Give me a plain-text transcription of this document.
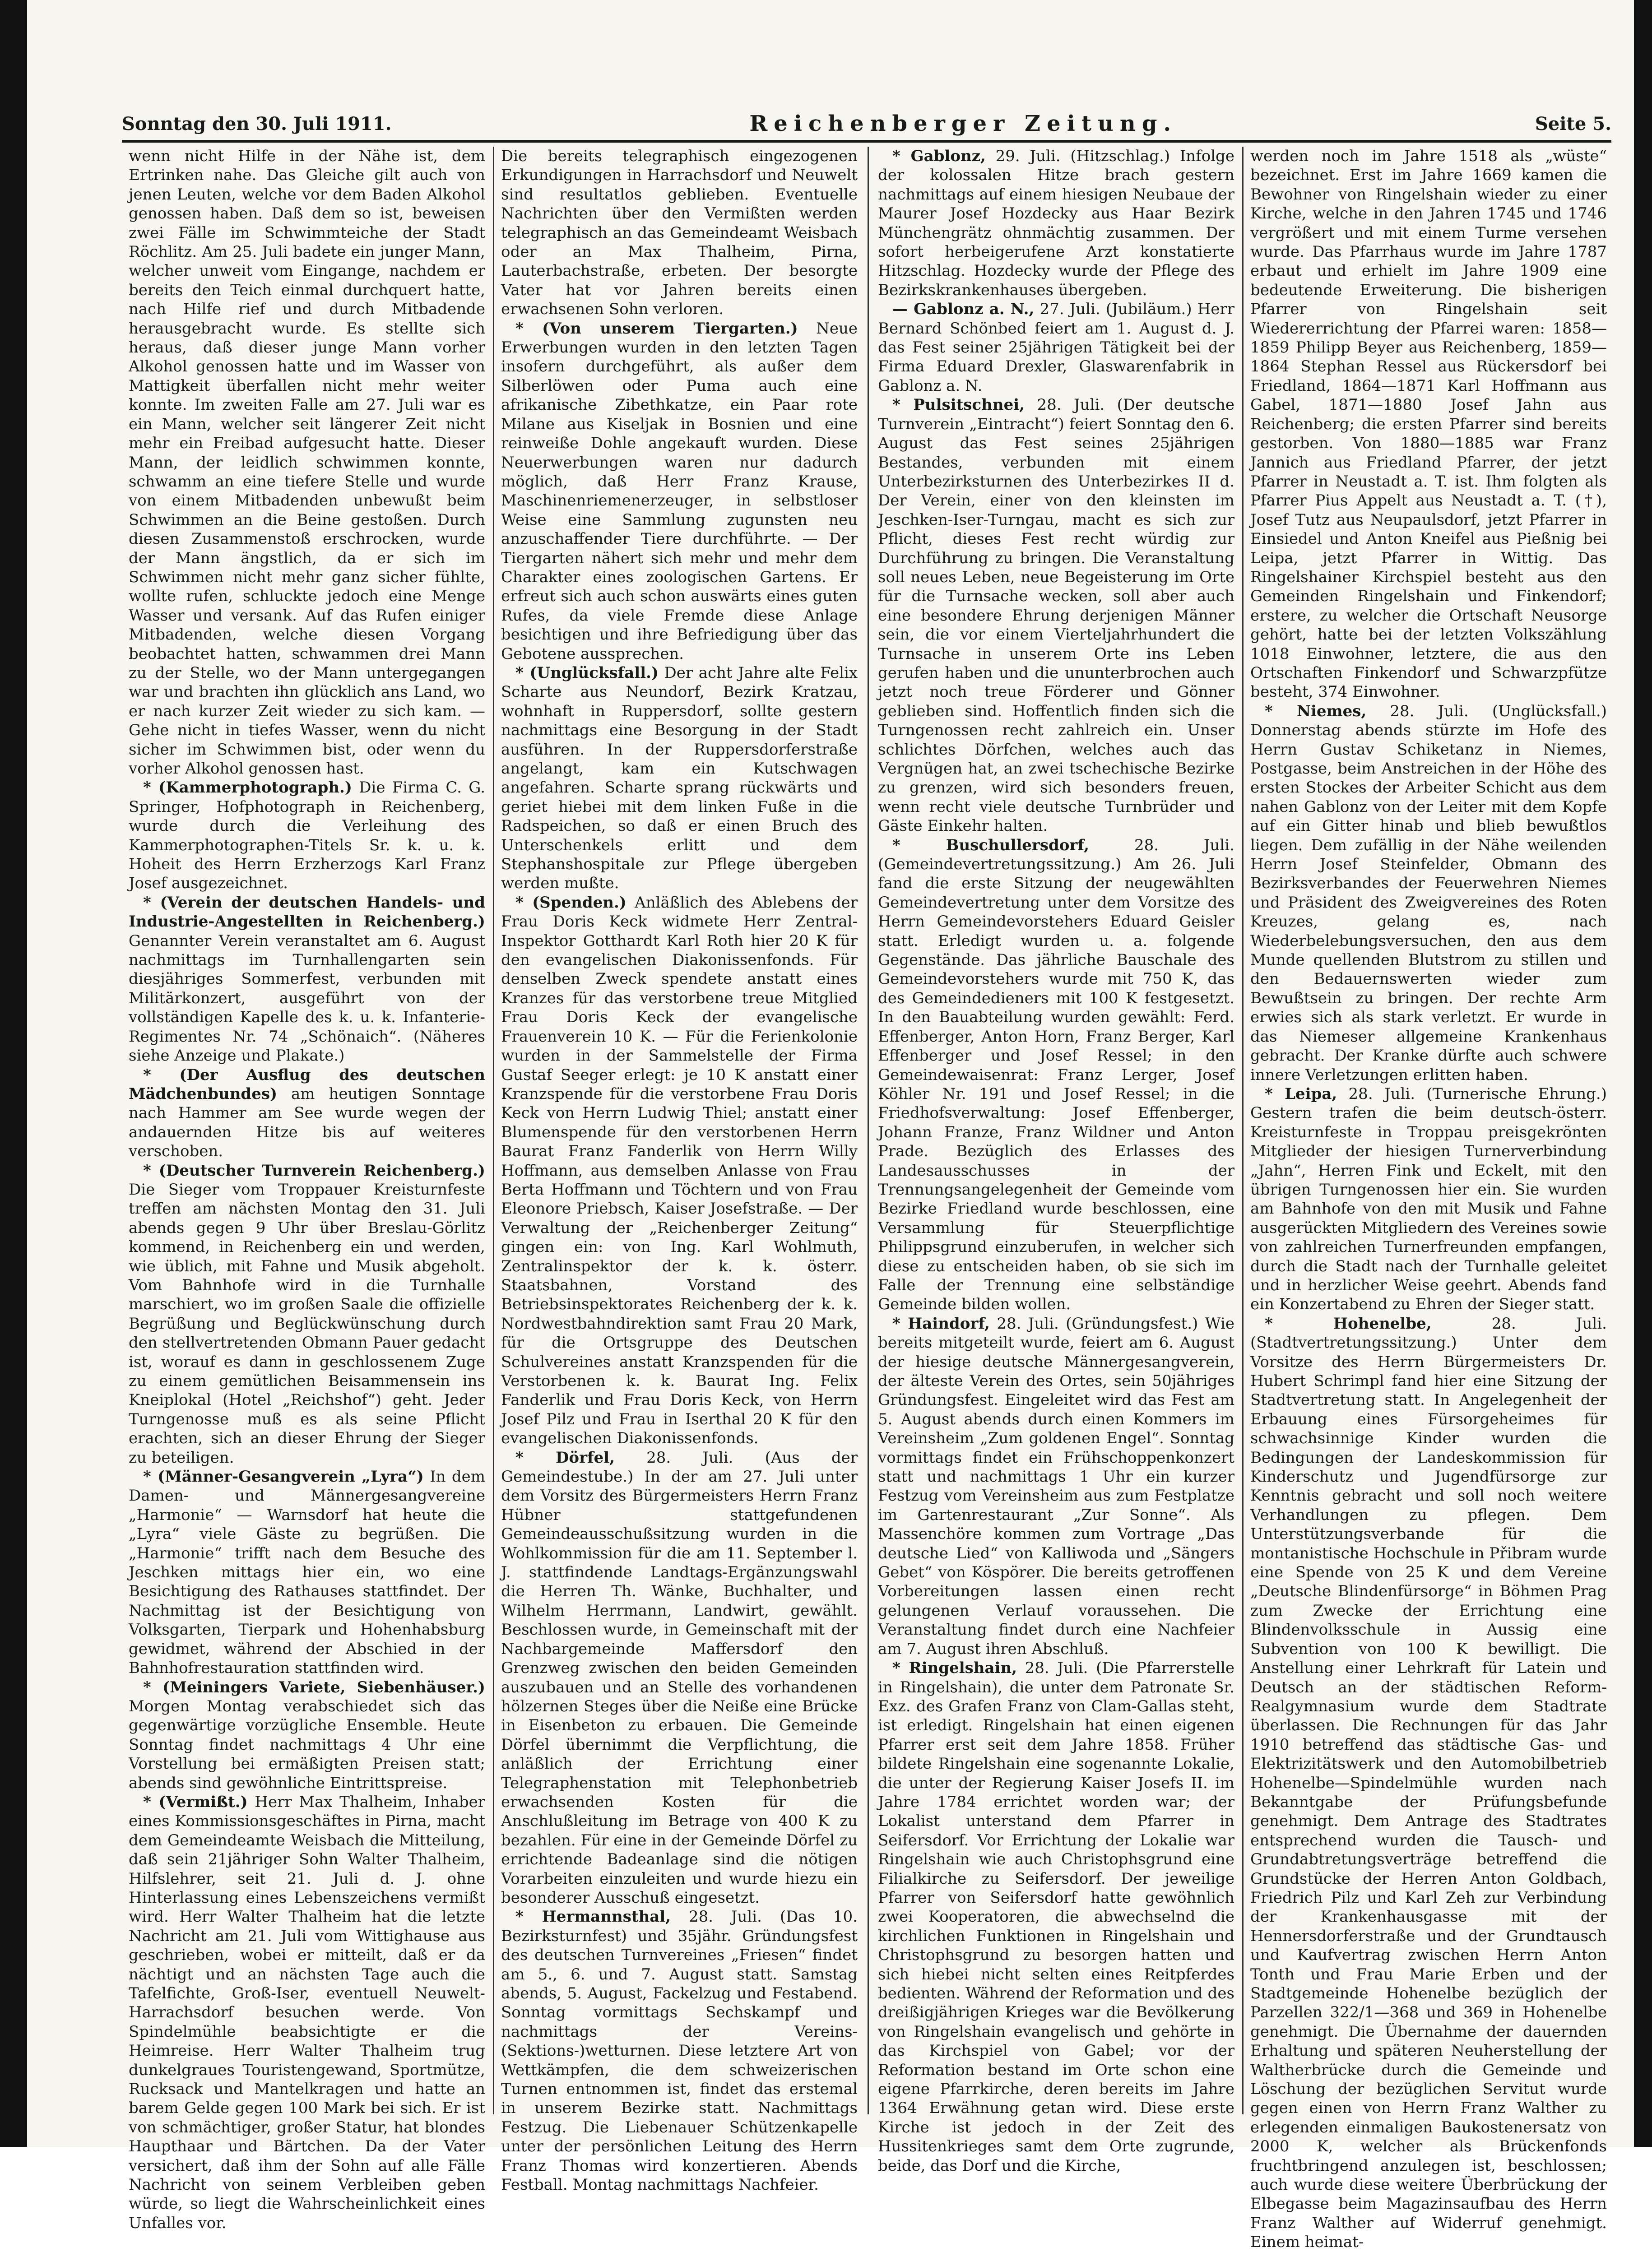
Sonntag den 30. Juli 1911.	Reichenberger Zeitung.	Seite 5.

wenn nicht Hilfe in der Nähe ist, dem Ertrinken nahe. Das Gleiche gilt auch von jenen Leuten, welche vor dem Baden Alkohol genossen haben. Daß dem so ist, beweisen zwei Fälle im Schwimmteiche der Stadt Röchlitz. Am 25. Juli badete ein junger Mann, welcher unweit vom Eingange, nachdem er bereits den Teich einmal durchquert hatte, nach Hilfe rief und durch Mitbadende herausgebracht wurde. Es stellte sich heraus, daß dieser junge Mann vorher Alkohol genossen hatte und im Wasser von Mattigkeit überfallen nicht mehr weiter konnte. Im zweiten Falle am 27. Juli war es ein Mann, welcher seit längerer Zeit nicht mehr ein Freibad aufgesucht hatte. Dieser Mann, der leidlich schwimmen konnte, schwamm an eine tiefere Stelle und wurde von einem Mitbadenden unbewußt beim Schwimmen an die Beine gestoßen. Durch diesen Zusammenstoß erschrocken, wurde der Mann ängstlich, da er sich im Schwimmen nicht mehr ganz sicher fühlte, wollte rufen, schluckte jedoch eine Menge Wasser und versank. Auf das Rufen einiger Mitbadenden, welche diesen Vorgang beobachtet hatten, schwammen drei Mann zu der Stelle, wo der Mann untergegangen war und brachten ihn glücklich ans Land, wo er nach kurzer Zeit wieder zu sich kam. — Gehe nicht in tiefes Wasser, wenn du nicht sicher im Schwimmen bist, oder wenn du vorher Alkohol genossen hast.

* (Kammerphotograph.) Die Firma C. G. Springer, Hofphotograph in Reichenberg, wurde durch die Verleihung des Kammerphotographen-Titels Sr. k. u. k. Hoheit des Herrn Erzherzogs Karl Franz Josef ausgezeichnet.

* (Verein der deutschen Handels- und Industrie-Angestellten in Reichenberg.) Genannter Verein veranstaltet am 6. August nachmittags im Turnhallengarten sein diesjähriges Sommerfest, verbunden mit Militärkonzert, ausgeführt von der vollständigen Kapelle des k. u. k. Infanterie-Regimentes Nr. 74 „Schönaich“. (Näheres siehe Anzeige und Plakate.)

* (Der Ausflug des deutschen Mädchenbundes) am heutigen Sonntage nach Hammer am See wurde wegen der andauernden Hitze bis auf weiteres verschoben.

* (Deutscher Turnverein Reichenberg.) Die Sieger vom Troppauer Kreisturnfeste treffen am nächsten Montag den 31. Juli abends gegen 9 Uhr über Breslau-Görlitz kommend, in Reichenberg ein und werden, wie üblich, mit Fahne und Musik abgeholt. Vom Bahnhofe wird in die Turnhalle marschiert, wo im großen Saale die offizielle Begrüßung und Beglückwünschung durch den stellvertretenden Obmann Pauer gedacht ist, worauf es dann in geschlossenem Zuge zu einem gemütlichen Beisammensein ins Kneiplokal (Hotel „Reichshof“) geht. Jeder Turngenosse muß es als seine Pflicht erachten, sich an dieser Ehrung der Sieger zu beteiligen.

* (Männer-Gesangverein „Lyra“) In dem Damen- und Männergesangvereine „Harmonie“ — Warnsdorf hat heute die „Lyra“ viele Gäste zu begrüßen. Die „Harmonie“ trifft nach dem Besuche des Jeschken mittags hier ein, wo eine Besichtigung des Rathauses stattfindet. Der Nachmittag ist der Besichtigung von Volksgarten, Tierpark und Hohenhabsburg gewidmet, während der Abschied in der Bahnhofrestauration stattfinden wird.

* (Meiningers Variete, Siebenhäuser.) Morgen Montag verabschiedet sich das gegenwärtige vorzügliche Ensemble. Heute Sonntag findet nachmittags 4 Uhr eine Vorstellung bei ermäßigten Preisen statt; abends sind gewöhnliche Eintrittspreise.

* (Vermißt.) Herr Max Thalheim, Inhaber eines Kommissionsgeschäftes in Pirna, macht dem Gemeindeamte Weisbach die Mitteilung, daß sein 21jähriger Sohn Walter Thalheim, Hilfslehrer, seit 21. Juli d. J. ohne Hinterlassung eines Lebenszeichens vermißt wird. Herr Walter Thalheim hat die letzte Nachricht am 21. Juli vom Wittighause aus geschrieben, wobei er mitteilt, daß er da nächtigt und an nächsten Tage auch die Tafelfichte, Groß-Iser, eventuell Neuwelt-Harrachsdorf besuchen werde. Von Spindelmühle beabsichtigte er die Heimreise. Herr Walter Thalheim trug dunkelgraues Touristengewand, Sportmütze, Rucksack und Mantelkragen und hatte an barem Gelde gegen 100 Mark bei sich. Er ist von schmächtiger, großer Statur, hat blondes Haupthaar und Bärtchen. Da der Vater versichert, daß ihm der Sohn auf alle Fälle Nachricht von seinem Verbleiben geben würde, so liegt die Wahrscheinlichkeit eines Unfalles vor.

Die bereits telegraphisch eingezogenen Erkundigungen in Harrachsdorf und Neuwelt sind resultatlos geblieben. Eventuelle Nachrichten über den Vermißten werden telegraphisch an das Gemeindeamt Weisbach oder an Max Thalheim, Pirna, Lauterbachstraße, erbeten. Der besorgte Vater hat vor Jahren bereits einen erwachsenen Sohn verloren.

* (Von unserem Tiergarten.) Neue Erwerbungen wurden in den letzten Tagen insofern durchgeführt, als außer dem Silberlöwen oder Puma auch eine afrikanische Zibethkatze, ein Paar rote Milane aus Kiseljak in Bosnien und eine reinweiße Dohle angekauft wurden. Diese Neuerwerbungen waren nur dadurch möglich, daß Herr Franz Krause, Maschinenriemenerzeuger, in selbstloser Weise eine Sammlung zugunsten neu anzuschaffender Tiere durchführte. — Der Tiergarten nähert sich mehr und mehr dem Charakter eines zoologischen Gartens. Er erfreut sich auch schon auswärts eines guten Rufes, da viele Fremde diese Anlage besichtigen und ihre Befriedigung über das Gebotene aussprechen.

* (Unglücksfall.) Der acht Jahre alte Felix Scharte aus Neundorf, Bezirk Kratzau, wohnhaft in Ruppersdorf, sollte gestern nachmittags eine Besorgung in der Stadt ausführen. In der Ruppersdorferstraße angelangt, kam ein Kutschwagen angefahren. Scharte sprang rückwärts und geriet hiebei mit dem linken Fuße in die Radspeichen, so daß er einen Bruch des Unterschenkels erlitt und dem Stephanshospitale zur Pflege übergeben werden mußte.

* (Spenden.) Anläßlich des Ablebens der Frau Doris Keck widmete Herr Zentral-Inspektor Gotthardt Karl Roth hier 20 K für den evangelischen Diakonissenfonds. Für denselben Zweck spendete anstatt eines Kranzes für das verstorbene treue Mitglied Frau Doris Keck der evangelische Frauenverein 10 K. — Für die Ferienkolonie wurden in der Sammelstelle der Firma Gustaf Seeger erlegt: je 10 K anstatt einer Kranzspende für die verstorbene Frau Doris Keck von Herrn Ludwig Thiel; anstatt einer Blumenspende für den verstorbenen Herrn Baurat Franz Fanderlik von Herrn Willy Hoffmann, aus demselben Anlasse von Frau Berta Hoffmann und Töchtern und von Frau Eleonore Priebsch, Kaiser Josefstraße. — Der Verwaltung der „Reichenberger Zeitung“ gingen ein: von Ing. Karl Wohlmuth, Zentralinspektor der k. k. österr. Staatsbahnen, Vorstand des Betriebsinspektorates Reichenberg der k. k. Nordwestbahndirektion samt Frau 20 Mark, für die Ortsgruppe des Deutschen Schulvereines anstatt Kranzspenden für die Verstorbenen k. k. Baurat Ing. Felix Fanderlik und Frau Doris Keck, von Herrn Josef Pilz und Frau in Iserthal 20 K für den evangelischen Diakonissenfonds.

* Dörfel, 28. Juli. (Aus der Gemeindestube.) In der am 27. Juli unter dem Vorsitz des Bürgermeisters Herrn Franz Hübner stattgefundenen Gemeindeausschußsitzung wurden in die Wohlkommission für die am 11. September l. J. stattfindende Landtags-Ergänzungswahl die Herren Th. Wänke, Buchhalter, und Wilhelm Herrmann, Landwirt, gewählt. Beschlossen wurde, in Gemeinschaft mit der Nachbargemeinde Maffersdorf den Grenzweg zwischen den beiden Gemeinden auszubauen und an Stelle des vorhandenen hölzernen Steges über die Neiße eine Brücke in Eisenbeton zu erbauen. Die Gemeinde Dörfel übernimmt die Verpflichtung, die anläßlich der Errichtung einer Telegraphenstation mit Telephonbetrieb erwachsenden Kosten für die Anschlußleitung im Betrage von 400 K zu bezahlen. Für eine in der Gemeinde Dörfel zu errichtende Badeanlage sind die nötigen Vorarbeiten einzuleiten und wurde hiezu ein besonderer Ausschuß eingesetzt.

* Hermannsthal, 28. Juli. (Das 10. Bezirksturnfest) und 35jähr. Gründungsfest des deutschen Turnvereines „Friesen“ findet am 5., 6. und 7. August statt. Samstag abends, 5. August, Fackelzug und Festabend. Sonntag vormittags Sechskampf und nachmittags der Vereins-(Sektions-)wetturnen. Diese letztere Art von Wettkämpfen, die dem schweizerischen Turnen entnommen ist, findet das erstemal in unserem Bezirke statt. Nachmittags Festzug. Die Liebenauer Schützenkapelle unter der persönlichen Leitung des Herrn Franz Thomas wird konzertieren. Abends Festball. Montag nachmittags Nachfeier.

* Gablonz, 29. Juli. (Hitzschlag.) Infolge der kolossalen Hitze brach gestern nachmittags auf einem hiesigen Neubaue der Maurer Josef Hozdecky aus Haar Bezirk Münchengrätz ohnmächtig zusammen. Der sofort herbeigerufene Arzt konstatierte Hitzschlag. Hozdecky wurde der Pflege des Bezirkskrankenhauses übergeben.

— Gablonz a. N., 27. Juli. (Jubiläum.) Herr Bernard Schönbed feiert am 1. August d. J. das Fest seiner 25jährigen Tätigkeit bei der Firma Eduard Drexler, Glaswarenfabrik in Gablonz a. N.

* Pulsitschnei, 28. Juli. (Der deutsche Turnverein „Eintracht“) feiert Sonntag den 6. August das Fest seines 25jährigen Bestandes, verbunden mit einem Unterbezirksturnen des Unterbezirkes II d. Der Verein, einer von den kleinsten im Jeschken-Iser-Turngau, macht es sich zur Pflicht, dieses Fest recht würdig zur Durchführung zu bringen. Die Veranstaltung soll neues Leben, neue Begeisterung im Orte für die Turnsache wecken, soll aber auch eine besondere Ehrung derjenigen Männer sein, die vor einem Vierteljahrhundert die Turnsache in unserem Orte ins Leben gerufen haben und die ununterbrochen auch jetzt noch treue Förderer und Gönner geblieben sind. Hoffentlich finden sich die Turngenossen recht zahlreich ein. Unser schlichtes Dörfchen, welches auch das Vergnügen hat, an zwei tschechische Bezirke zu grenzen, wird sich besonders freuen, wenn recht viele deutsche Turnbrüder und Gäste Einkehr halten.

* Buschullersdorf, 28. Juli. (Gemeindevertretungssitzung.) Am 26. Juli fand die erste Sitzung der neugewählten Gemeindevertretung unter dem Vorsitze des Herrn Gemeindevorstehers Eduard Geisler statt. Erledigt wurden u. a. folgende Gegenstände. Das jährliche Bauschale des Gemeindevorstehers wurde mit 750 K, das des Gemeindedieners mit 100 K festgesetzt. In den Bauabteilung wurden gewählt: Ferd. Effenberger, Anton Horn, Franz Berger, Karl Effenberger und Josef Ressel; in den Gemeindewaisenrat: Franz Lerger, Josef Köhler Nr. 191 und Josef Ressel; in die Friedhofsverwaltung: Josef Effenberger, Johann Franze, Franz Wildner und Anton Prade. Bezüglich des Erlasses des Landesausschusses in der Trennungsangelegenheit der Gemeinde vom Bezirke Friedland wurde beschlossen, eine Versammlung für Steuerpflichtige Philippsgrund einzuberufen, in welcher sich diese zu entscheiden haben, ob sie sich im Falle der Trennung eine selbständige Gemeinde bilden wollen.

* Haindorf, 28. Juli. (Gründungsfest.) Wie bereits mitgeteilt wurde, feiert am 6. August der hiesige deutsche Männergesangverein, der älteste Verein des Ortes, sein 50jähriges Gründungsfest. Eingeleitet wird das Fest am 5. August abends durch einen Kommers im Vereinsheim „Zum goldenen Engel“. Sonntag vormittags findet ein Frühschoppenkonzert statt und nachmittags 1 Uhr ein kurzer Festzug vom Vereinsheim aus zum Festplatze im Gartenrestaurant „Zur Sonne“. Als Massenchöre kommen zum Vortrage „Das deutsche Lied“ von Kalliwoda und „Sängers Gebet“ von Köspörer. Die bereits getroffenen Vorbereitungen lassen einen recht gelungenen Verlauf voraussehen. Die Veranstaltung findet durch eine Nachfeier am 7. August ihren Abschluß.

* Ringelshain, 28. Juli. (Die Pfarrerstelle in Ringelshain), die unter dem Patronate Sr. Exz. des Grafen Franz von Clam-Gallas steht, ist erledigt. Ringelshain hat einen eigenen Pfarrer erst seit dem Jahre 1858. Früher bildete Ringelshain eine sogenannte Lokalie, die unter der Regierung Kaiser Josefs II. im Jahre 1784 errichtet worden war; der Lokalist unterstand dem Pfarrer in Seifersdorf. Vor Errichtung der Lokalie war Ringelshain wie auch Christophsgrund eine Filialkirche zu Seifersdorf. Der jeweilige Pfarrer von Seifersdorf hatte gewöhnlich zwei Kooperatoren, die abwechselnd die kirchlichen Funktionen in Ringelshain und Christophsgrund zu besorgen hatten und sich hiebei nicht selten eines Reitpferdes bedienten. Während der Reformation und des dreißigjährigen Krieges war die Bevölkerung von Ringelshain evangelisch und gehörte in das Kirchspiel von Gabel; vor der Reformation bestand im Orte schon eine eigene Pfarrkirche, deren bereits im Jahre 1364 Erwähnung getan wird. Diese erste Kirche ist jedoch in der Zeit des Hussitenkrieges samt dem Orte zugrunde, beide, das Dorf und die Kirche,

werden noch im Jahre 1518 als „wüste“ bezeichnet. Erst im Jahre 1669 kamen die Bewohner von Ringelshain wieder zu einer Kirche, welche in den Jahren 1745 und 1746 vergrößert und mit einem Turme versehen wurde. Das Pfarrhaus wurde im Jahre 1787 erbaut und erhielt im Jahre 1909 eine bedeutende Erweiterung. Die bisherigen Pfarrer von Ringelshain seit Wiedererrichtung der Pfarrei waren: 1858—1859 Philipp Beyer aus Reichenberg, 1859—1864 Stephan Ressel aus Rückersdorf bei Friedland, 1864—1871 Karl Hoffmann aus Gabel, 1871—1880 Josef Jahn aus Reichenberg; die ersten Pfarrer sind bereits gestorben. Von 1880—1885 war Franz Jannich aus Friedland Pfarrer, der jetzt Pfarrer in Neustadt a. T. ist. Ihm folgten als Pfarrer Pius Appelt aus Neustadt a. T. (†), Josef Tutz aus Neupaulsdorf, jetzt Pfarrer in Einsiedel und Anton Kneifel aus Pießnig bei Leipa, jetzt Pfarrer in Wittig. Das Ringelshainer Kirchspiel besteht aus den Gemeinden Ringelshain und Finkendorf; erstere, zu welcher die Ortschaft Neusorge gehört, hatte bei der letzten Volkszählung 1018 Einwohner, letztere, die aus den Ortschaften Finkendorf und Schwarzpfütze besteht, 374 Einwohner.

* Niemes, 28. Juli. (Unglücksfall.) Donnerstag abends stürzte im Hofe des Herrn Gustav Schiketanz in Niemes, Postgasse, beim Anstreichen in der Höhe des ersten Stockes der Arbeiter Schicht aus dem nahen Gablonz von der Leiter mit dem Kopfe auf ein Gitter hinab und blieb bewußtlos liegen. Dem zufällig in der Nähe weilenden Herrn Josef Steinfelder, Obmann des Bezirksverbandes der Feuerwehren Niemes und Präsident des Zweigvereines des Roten Kreuzes, gelang es, nach Wiederbelebungsversuchen, den aus dem Munde quellenden Blutstrom zu stillen und den Bedauernswerten wieder zum Bewußtsein zu bringen. Der rechte Arm erwies sich als stark verletzt. Er wurde in das Niemeser allgemeine Krankenhaus gebracht. Der Kranke dürfte auch schwere innere Verletzungen erlitten haben.

* Leipa, 28. Juli. (Turnerische Ehrung.) Gestern trafen die beim deutsch-österr. Kreisturnfeste in Troppau preisgekrönten Mitglieder der hiesigen Turnerverbindung „Jahn“, Herren Fink und Eckelt, mit den übrigen Turngenossen hier ein. Sie wurden am Bahnhofe von den mit Musik und Fahne ausgerückten Mitgliedern des Vereines sowie von zahlreichen Turnerfreunden empfangen, durch die Stadt nach der Turnhalle geleitet und in herzlicher Weise geehrt. Abends fand ein Konzertabend zu Ehren der Sieger statt.

* Hohenelbe, 28. Juli. (Stadtvertretungssitzung.) Unter dem Vorsitze des Herrn Bürgermeisters Dr. Hubert Schrimpl fand hier eine Sitzung der Stadtvertretung statt. In Angelegenheit der Erbauung eines Fürsorgeheimes für schwachsinnige Kinder wurden die Bedingungen der Landeskommission für Kinderschutz und Jugendfürsorge zur Kenntnis gebracht und soll noch weitere Verhandlungen zu pflegen. Dem Unterstützungsverbande für die montanistische Hochschule in Přibram wurde eine Spende von 25 K und dem Vereine „Deutsche Blindenfürsorge“ in Böhmen Prag zum Zwecke der Errichtung eine Blindenvolksschule in Aussig eine Subvention von 100 K bewilligt. Die Anstellung einer Lehrkraft für Latein und Deutsch an der städtischen Reform-Realgymnasium wurde dem Stadtrate überlassen. Die Rechnungen für das Jahr 1910 betreffend das städtische Gas- und Elektrizitätswerk und den Automobilbetrieb Hohenelbe—Spindelmühle wurden nach Bekanntgabe der Prüfungsbefunde genehmigt. Dem Antrage des Stadtrates entsprechend wurden die Tausch- und Grundabtretungsverträge betreffend die Grundstücke der Herren Anton Goldbach, Friedrich Pilz und Karl Zeh zur Verbindung der Krankenhausgasse mit der Hennersdorferstraße und der Grundtausch und Kaufvertrag zwischen Herrn Anton Tonth und Frau Marie Erben und der Stadtgemeinde Hohenelbe bezüglich der Parzellen 322/1—368 und 369 in Hohenelbe genehmigt. Die Übernahme der dauernden Erhaltung und späteren Neuherstellung der Waltherbrücke durch die Gemeinde und Löschung der bezüglichen Servitut wurde gegen einen von Herrn Franz Walther zu erlegenden einmaligen Baukostenersatz von 2000 K, welcher als Brückenfonds fruchtbringend anzulegen ist, beschlossen; auch wurde diese weitere Überbrückung der Elbegasse beim Magazinsaufbau des Herrn Franz Walther auf Widerruf genehmigt. Einem heimat-
